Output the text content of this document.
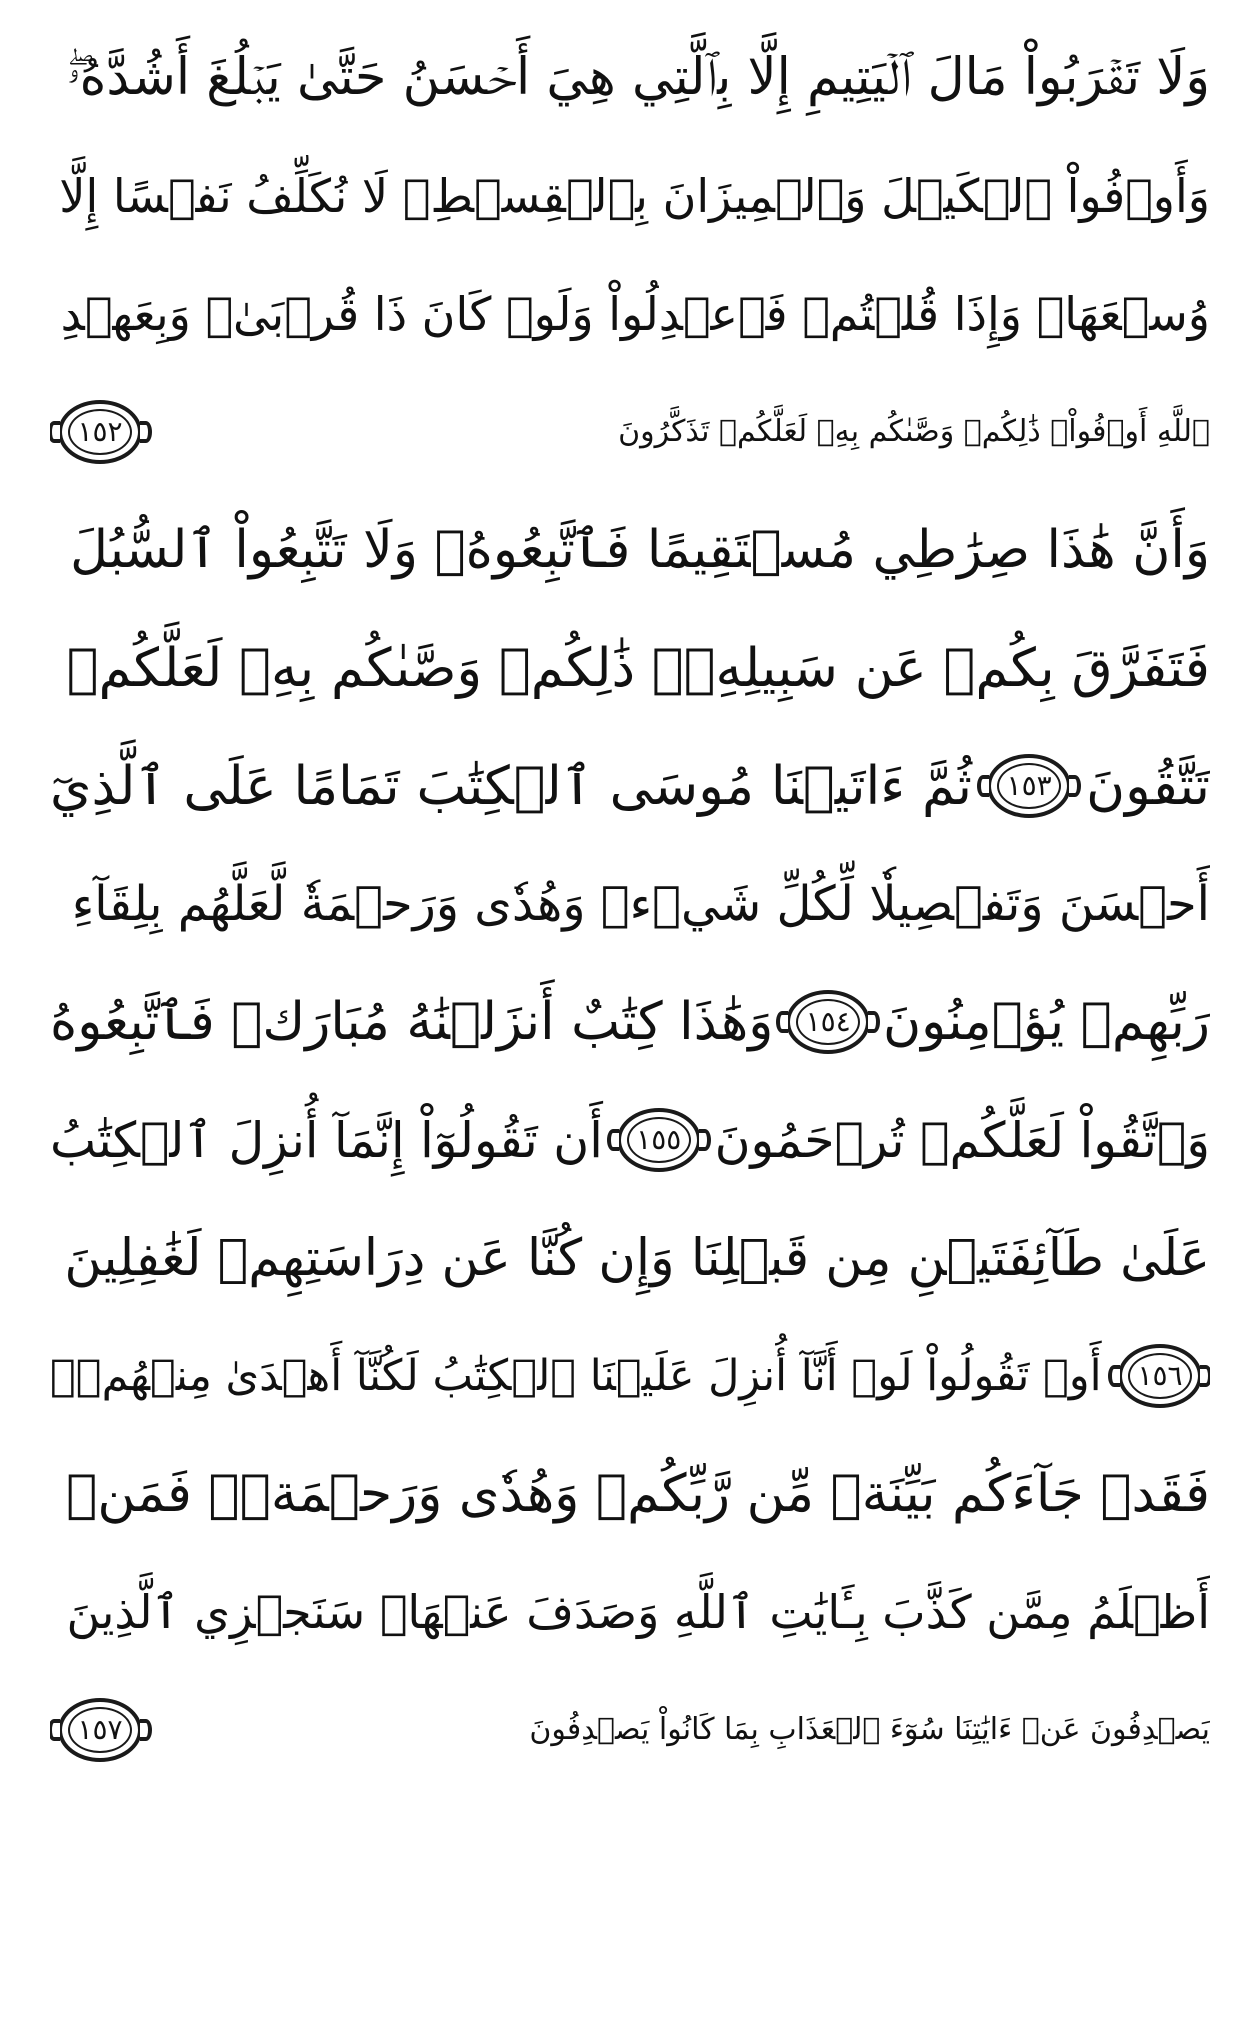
وَلَا تَقۡرَبُواْ مَالَ ٱلۡيَتِيمِ إِلَّا بِٱلَّتِي هِيَ أَحۡسَنُ حَتَّىٰ يَبۡلُغَ أَشُدَّهُۥۖ
وَأَوۡفُواْ ٱلۡكَيۡلَ وَٱلۡمِيزَانَ بِٱلۡقِسۡطِۖ لَا نُكَلِّفُ نَفۡسًا إِلَّا
وُسۡعَهَاۖ وَإِذَا قُلۡتُمۡ فَٱعۡدِلُواْ وَلَوۡ كَانَ ذَا قُرۡبَىٰۖ وَبِعَهۡدِ
ٱللَّهِ أَوۡفُواْۚ ذَٰلِكُمۡ وَصَّىٰكُم بِهِۦ لَعَلَّكُمۡ تَذَكَّرُونَ
١٥٢
وَأَنَّ هَٰذَا صِرَٰطِي مُسۡتَقِيمًا فَٱتَّبِعُوهُۖ وَلَا تَتَّبِعُواْ ٱلسُّبُلَ
فَتَفَرَّقَ بِكُمۡ عَن سَبِيلِهِۦۚ ذَٰلِكُمۡ وَصَّىٰكُم بِهِۦ لَعَلَّكُمۡ
تَتَّقُونَ
١٥٣
ثُمَّ ءَاتَيۡنَا مُوسَى ٱلۡكِتَٰبَ تَمَامًا عَلَى ٱلَّذِيٓ
أَحۡسَنَ وَتَفۡصِيلٗا لِّكُلِّ شَيۡءٖ وَهُدٗى وَرَحۡمَةٗ لَّعَلَّهُم بِلِقَآءِ
رَبِّهِمۡ يُؤۡمِنُونَ
١٥٤
وَهَٰذَا كِتَٰبٌ أَنزَلۡنَٰهُ مُبَارَكٞ فَٱتَّبِعُوهُ
وَٱتَّقُواْ لَعَلَّكُمۡ تُرۡحَمُونَ
١٥٥
أَن تَقُولُوٓاْ إِنَّمَآ أُنزِلَ ٱلۡكِتَٰبُ
عَلَىٰ طَآئِفَتَيۡنِ مِن قَبۡلِنَا وَإِن كُنَّا عَن دِرَاسَتِهِمۡ لَغَٰفِلِينَ
١٥٦
أَوۡ تَقُولُواْ لَوۡ أَنَّآ أُنزِلَ عَلَيۡنَا ٱلۡكِتَٰبُ لَكُنَّآ أَهۡدَىٰ مِنۡهُمۡۚ
فَقَدۡ جَآءَكُم بَيِّنَةٞ مِّن رَّبِّكُمۡ وَهُدٗى وَرَحۡمَةٞۚ فَمَنۡ
أَظۡلَمُ مِمَّن كَذَّبَ بِـَٔايَٰتِ ٱللَّهِ وَصَدَفَ عَنۡهَاۗ سَنَجۡزِي ٱلَّذِينَ
يَصۡدِفُونَ عَنۡ ءَايَٰتِنَا سُوٓءَ ٱلۡعَذَابِ بِمَا كَانُواْ يَصۡدِفُونَ
١٥٧
